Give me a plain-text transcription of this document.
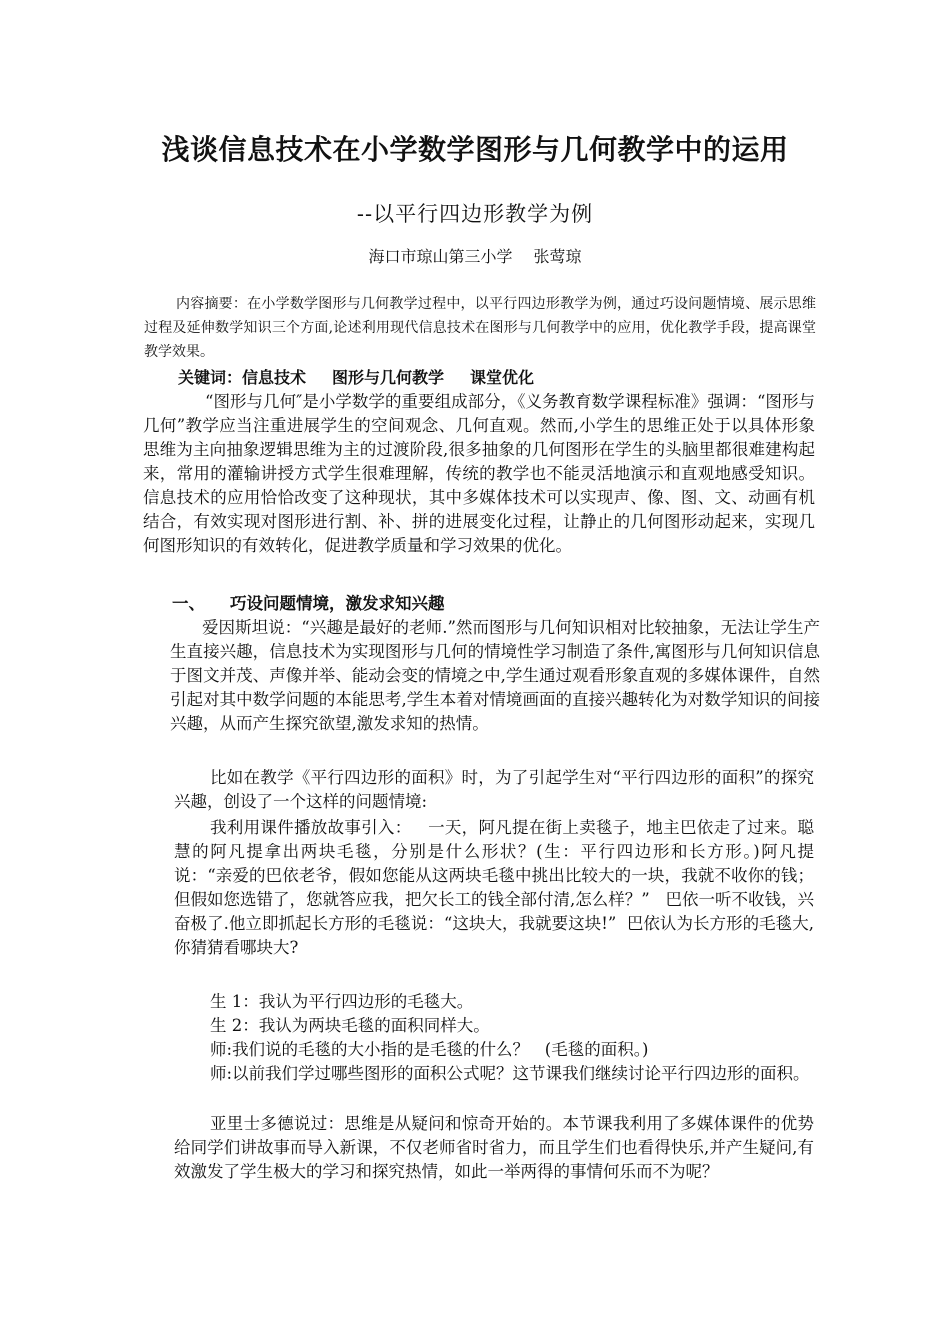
浅谈信息技术在小学数学图形与几何教学中的运用
--以平行四边形教学为例
海口市琼山第三小学 张莺琼
内容摘要：在小学数学图形与几何教学过程中，以平行四边形教学为例，通过巧设问题情境、展示思维过程及延伸数学知识三个方面,论述利用现代信息技术在图形与几何教学中的应用，优化教学手段，提高课堂教学效果。
关键词：信息技术 图形与几何教学 课堂优化
“图形与几何″是小学数学的重要组成部分，《义务教育数学课程标准》强调：“图形与几何”教学应当注重进展学生的空间观念、几何直观。然而,小学生的思维正处于以具体形象思维为主向抽象逻辑思维为主的过渡阶段,很多抽象的几何图形在学生的头脑里都很难建构起来，常用的灌输讲授方式学生很难理解，传统的教学也不能灵活地演示和直观地感受知识。信息技术的应用恰恰改变了这种现状，其中多媒体技术可以实现声、像、图、文、动画有机结合，有效实现对图形进行割、补、拼的进展变化过程，让静止的几何图形动起来，实现几何图形知识的有效转化，促进教学质量和学习效果的优化。
一、 巧设问题情境，激发求知兴趣
爱因斯坦说：“兴趣是最好的老师.”然而图形与几何知识相对比较抽象，无法让学生产生直接兴趣，信息技术为实现图形与几何的情境性学习制造了条件,寓图形与几何知识信息于图文并茂、声像并举、能动会变的情境之中,学生通过观看形象直观的多媒体课件，自然引起对其中数学问题的本能思考,学生本着对情境画面的直接兴趣转化为对数学知识的间接兴趣，从而产生探究欲望,激发求知的热情。
比如在教学《平行四边形的面积》时，为了引起学生对“平行四边形的面积”的探究兴趣，创设了一个这样的问题情境:
我利用课件播放故事引入：   一天，阿凡提在街上卖毯子，地主巴依走了过来。聪慧的阿凡提拿出两块毛毯，分别是什么形状？(生：平行四边形和长方形。)阿凡提说：“亲爱的巴依老爷，假如您能从这两块毛毯中挑出比较大的一块，我就不收你的钱；但假如您选错了，您就答应我，把欠长工的钱全部付清,怎么样？”   巴依一听不收钱，兴奋极了.他立即抓起长方形的毛毯说：“这块大，我就要这块!”  巴依认为长方形的毛毯大,你猜猜看哪块大?
生 1：我认为平行四边形的毛毯大。
生 2：我认为两块毛毯的面积同样大。
师:我们说的毛毯的大小指的是毛毯的什么？   (毛毯的面积。)
师:以前我们学过哪些图形的面积公式呢？这节课我们继续讨论平行四边形的面积。
亚里士多德说过：思维是从疑问和惊奇开始的。本节课我利用了多媒体课件的优势给同学们讲故事而导入新课，不仅老师省时省力，而且学生们也看得快乐,并产生疑问,有效激发了学生极大的学习和探究热情，如此一举两得的事情何乐而不为呢？
